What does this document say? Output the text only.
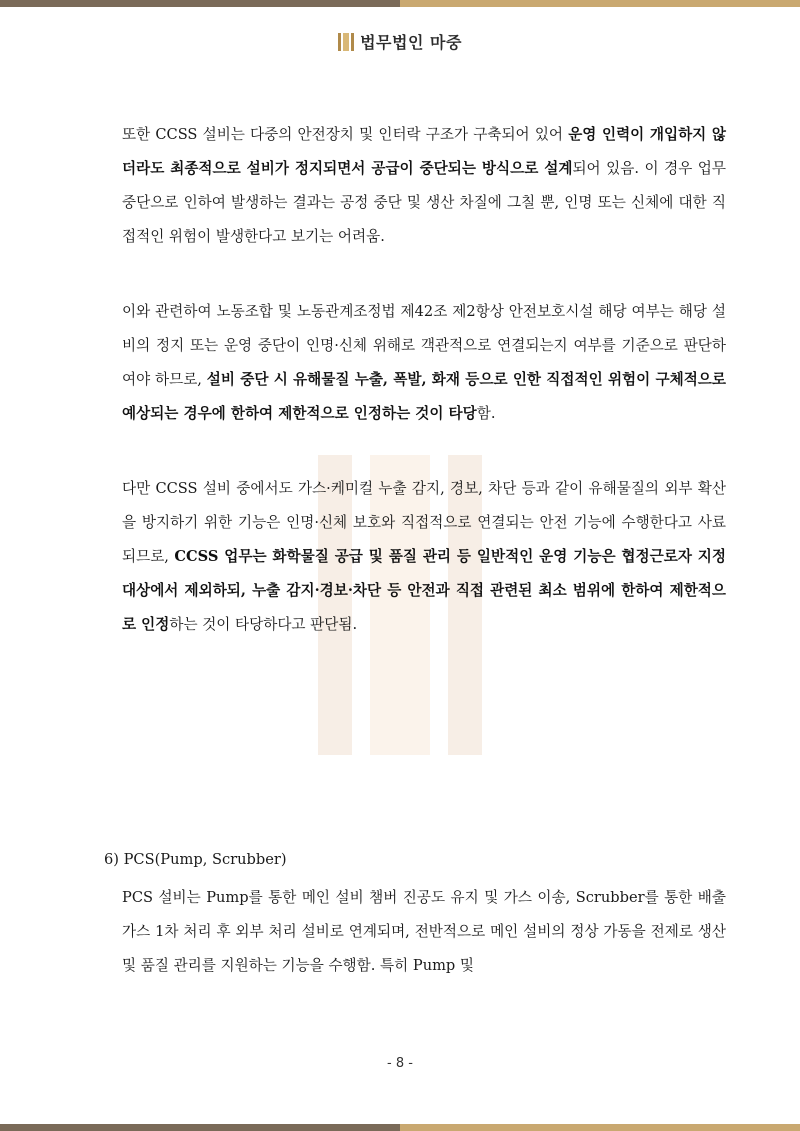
법무법인 마중

또한 CCSS 설비는 다중의 안전장치 및 인터락 구조가 구축되어 있어 운영 인력이 개입하지 않더라도 최종적으로 설비가 정지되면서 공급이 중단되는 방식으로 설계되어 있음. 이 경우 업무 중단으로 인하여 발생하는 결과는 공정 중단 및 생산 차질에 그칠 뿐, 인명 또는 신체에 대한 직접적인 위험이 발생한다고 보기는 어려움.

이와 관련하여 노동조합 및 노동관계조정법 제42조 제2항상 안전보호시설 해당 여부는 해당 설비의 정지 또는 운영 중단이 인명·신체 위해로 객관적으로 연결되는지 여부를 기준으로 판단하여야 하므로, 설비 중단 시 유해물질 누출, 폭발, 화재 등으로 인한 직접적인 위험이 구체적으로 예상되는 경우에 한하여 제한적으로 인정하는 것이 타당함.

다만 CCSS 설비 중에서도 가스·케미컬 누출 감지, 경보, 차단 등과 같이 유해물질의 외부 확산을 방지하기 위한 기능은 인명·신체 보호와 직접적으로 연결되는 안전 기능에 수행한다고 사료되므로, CCSS 업무는 화학물질 공급 및 품질 관리 등 일반적인 운영 기능은 협정근로자 지정 대상에서 제외하되, 누출 감지·경보·차단 등 안전과 직접 관련된 최소 범위에 한하여 제한적으로 인정하는 것이 타당하다고 판단됨.

6) PCS(Pump, Scrubber)

PCS 설비는 Pump를 통한 메인 설비 챔버 진공도 유지 및 가스 이송, Scrubber를 통한 배출가스 1차 처리 후 외부 처리 설비로 연계되며, 전반적으로 메인 설비의 정상 가동을 전제로 생산 및 품질 관리를 지원하는 기능을 수행함. 특히 Pump 및

- 8 -
